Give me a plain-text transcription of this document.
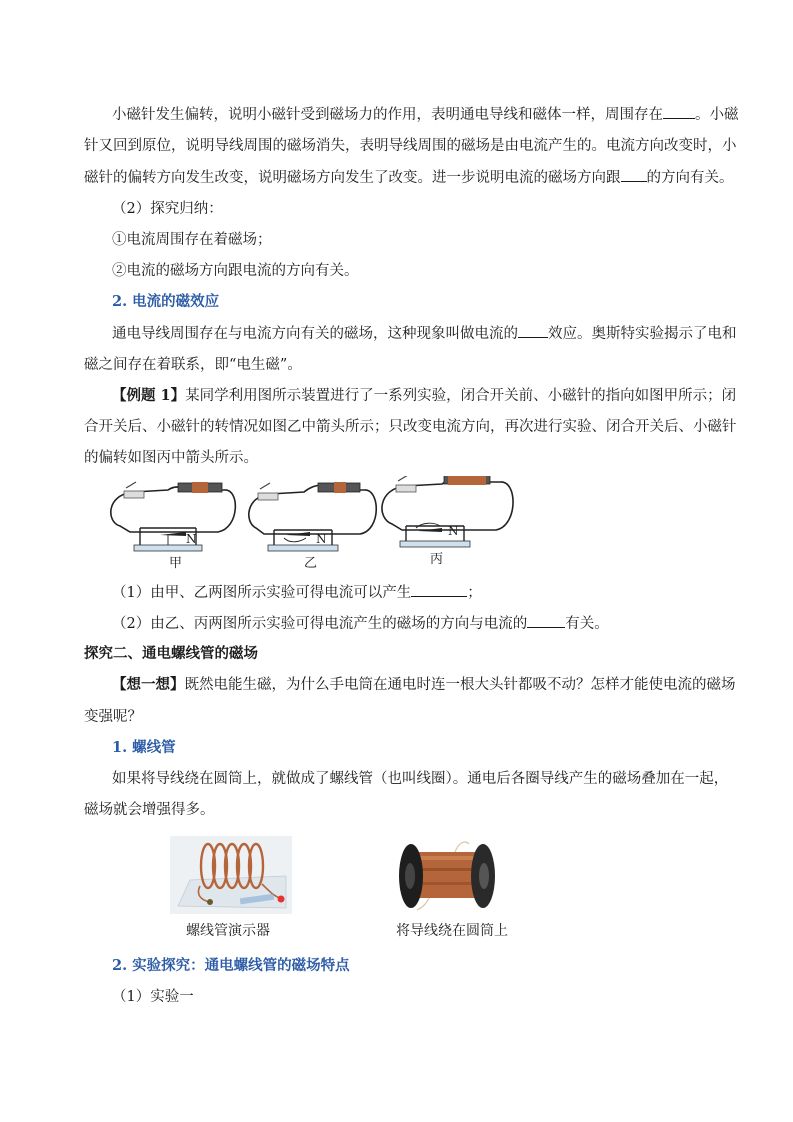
小磁针发生偏转，说明小磁针受到磁场力的作用，表明通电导线和磁体一样，周围存在 。小磁
针又回到原位，说明导线周围的磁场消失，表明导线周围的磁场是由电流产生的。电流方向改变时，小
磁针的偏转方向发生改变，说明磁场方向发生了改变。进一步说明电流的磁场方向跟 的方向有关。
（2）探究归纳：
①电流周围存在着磁场；
②电流的磁场方向跟电流的方向有关。
2. 电流的磁效应
通电导线周围存在与电流方向有关的磁场，这种现象叫做电流的 效应。奥斯特实验揭示了电和
磁之间存在着联系，即“电生磁”。
【例题 1】某同学利用图所示装置进行了一系列实验，闭合开关前、小磁针的指向如图甲所示；闭
合开关后、小磁针的转情况如图乙中箭头所示；只改变电流方向，再次进行实验、闭合开关后、小磁针
的偏转如图丙中箭头所示。
N	N
N
甲	乙	丙
（1）由甲、乙两图所示实验可得电流可以产生	；
（2）由乙、丙两图所示实验可得电流产生的磁场的方向与电流的	有关。
探究二、通电螺线管的磁场
【想一想】既然电能生磁，为什么手电筒在通电时连一根大头针都吸不动？怎样才能使电流的磁场
变强呢？
1. 螺线管
如果将导线绕在圆筒上，就做成了螺线管（也叫线圈）。通电后各圈导线产生的磁场叠加在一起，
磁场就会增强得多。
螺线管演示器	将导线绕在圆筒上
2. 实验探究：通电螺线管的磁场特点
（1）实验一
